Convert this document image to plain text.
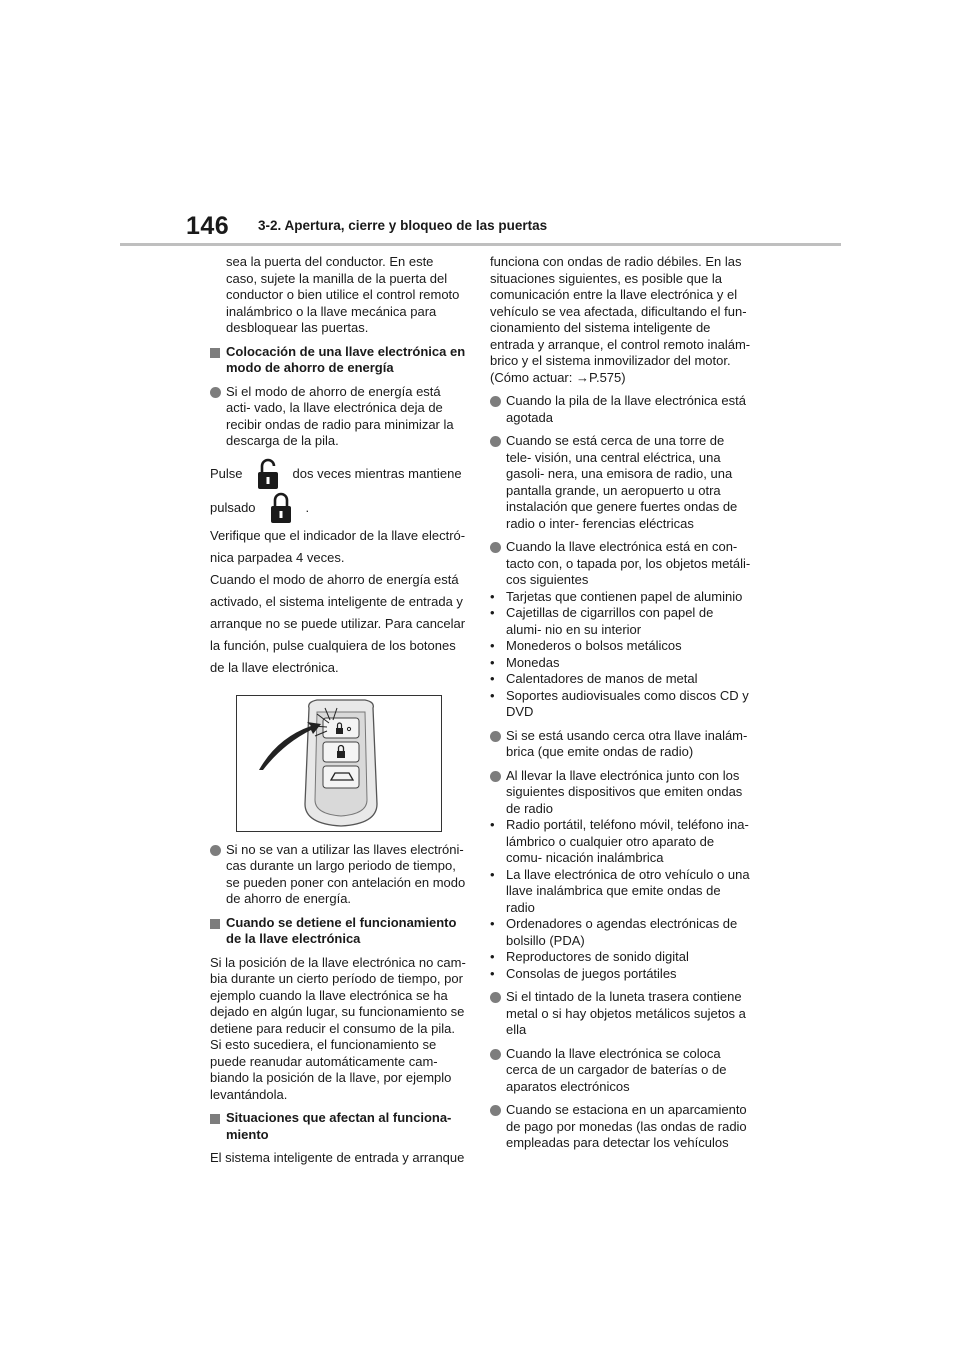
146 3-2. Apertura, cierre y bloqueo de las puertas

sea la puerta del conductor. En este caso, sujete la manilla de la puerta del conductor o bien utilice el control remoto inalámbrico o la llave mecánica para desbloquear las puertas.

Colocación de una llave electrónica en modo de ahorro de energía
Si el modo de ahorro de energía está acti- vado, la llave electrónica deja de recibir ondas de radio para minimizar la descarga de la pila.
Pulse	dos veces mientras mantiene
pulsado	.

Verifique que el indicador de la llave electró-

nica parpadea 4 veces.

Cuando el modo de ahorro de energía está

activado, el sistema inteligente de entrada y

arranque no se puede utilizar. Para cancelar

la función, pulse cualquiera de los botones

de la llave electrónica.

Si no se van a utilizar las llaves electróni- cas durante un largo periodo de tiempo, se pueden poner con antelación en modo de ahorro de energía.
Cuando se detiene el funcionamiento de la llave electrónica

Si la posición de la llave electrónica no cam- bia durante un cierto período de tiempo, por ejemplo cuando la llave electrónica se ha dejado en algún lugar, su funcionamiento se detiene para reducir el consumo de la pila. Si esto sucediera, el funcionamiento se puede reanudar automáticamente cam- biando la posición de la llave, por ejemplo levantándola.

Situaciones que afectan al funciona- miento

El sistema inteligente de entrada y arranque

funciona con ondas de radio débiles. En las situaciones siguientes, es posible que la comunicación entre la llave electrónica y el vehículo se vea afectada, dificultando el fun- cionamiento del sistema inteligente de entrada y arranque, el control remoto inalám- brico y el sistema inmovilizador del motor. (Cómo actuar: →P.575)

Cuando la pila de la llave electrónica está agotada
Cuando se está cerca de una torre de tele- visión, una central eléctrica, una gasoli- nera, una emisora de radio, una pantalla grande, un aeropuerto u otra instalación que genere fuertes ondas de radio o inter- ferencias eléctricas
Cuando la llave electrónica está en con- tacto con, o tapada por, los objetos metáli- cos siguientes
• Tarjetas que contienen papel de aluminio
• Cajetillas de cigarrillos con papel de alumi- nio en su interior
• Monederos o bolsos metálicos
• Monedas
• Calentadores de manos de metal
• Soportes audiovisuales como discos CD y DVD
Si se está usando cerca otra llave inalám- brica (que emite ondas de radio)
Al llevar la llave electrónica junto con los siguientes dispositivos que emiten ondas de radio
• Radio portátil, teléfono móvil, teléfono ina- lámbrico o cualquier otro aparato de comu- nicación inalámbrica
• La llave electrónica de otro vehículo o una llave inalámbrica que emite ondas de radio
• Ordenadores o agendas electrónicas de bolsillo (PDA)
• Reproductores de sonido digital
• Consolas de juegos portátiles
Si el tintado de la luneta trasera contiene metal o si hay objetos metálicos sujetos a ella
Cuando la llave electrónica se coloca cerca de un cargador de baterías o de aparatos electrónicos
Cuando se estaciona en un aparcamiento de pago por monedas (las ondas de radio empleadas para detectar los vehículos
